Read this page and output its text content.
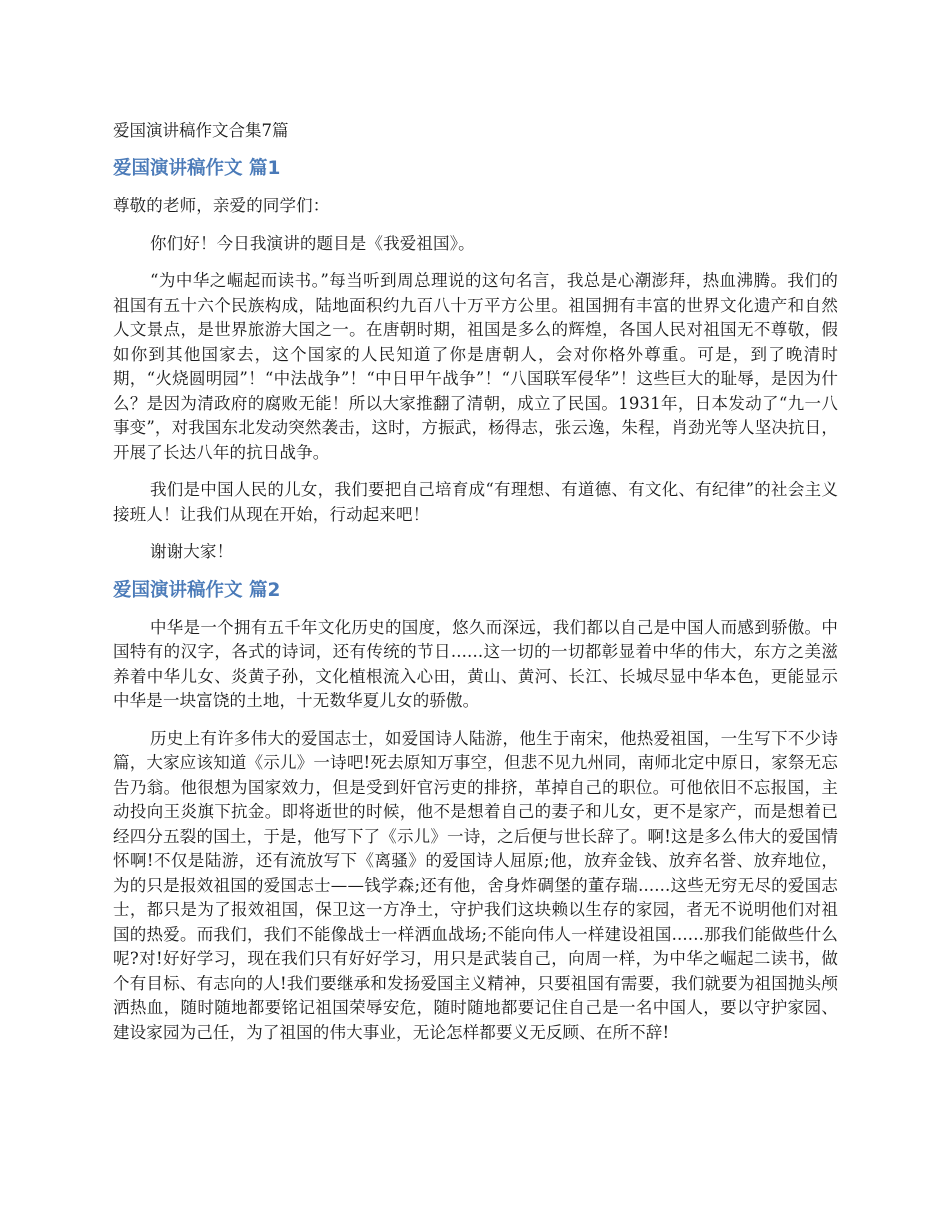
爱国演讲稿作文合集7篇
爱国演讲稿作文 篇1

尊敬的老师，亲爱的同学们：

你们好！今日我演讲的题目是《我爱祖国》。

“为中华之崛起而读书。”每当听到周总理说的这句名言，我总是心潮澎拜，热血沸腾。我们的祖国有五十六个民族构成，陆地面积约九百八十万平方公里。祖国拥有丰富的世界文化遗产和自然人文景点，是世界旅游大国之一。在唐朝时期，祖国是多么的辉煌，各国人民对祖国无不尊敬，假如你到其他国家去，这个国家的人民知道了你是唐朝人，会对你格外尊重。可是，到了晚清时期，“火烧圆明园”！“中法战争”！“中日甲午战争”！“八国联军侵华”！这些巨大的耻辱，是因为什么？是因为清政府的腐败无能！所以大家推翻了清朝，成立了民国。1931年，日本发动了“九一八事变”，对我国东北发动突然袭击，这时，方振武，杨得志，张云逸，朱程，肖劲光等人坚决抗日，开展了长达八年的抗日战争。

我们是中国人民的儿女，我们要把自己培育成“有理想、有道德、有文化、有纪律”的社会主义接班人！让我们从现在开始，行动起来吧！

谢谢大家！

爱国演讲稿作文 篇2

中华是一个拥有五千年文化历史的国度，悠久而深远，我们都以自己是中国人而感到骄傲。中国特有的汉字，各式的诗词，还有传统的节日......这一切的一切都彰显着中华的伟大，东方之美滋养着中华儿女、炎黄子孙，文化植根流入心田，黄山、黄河、长江、长城尽显中华本色，更能显示中华是一块富饶的土地，十无数华夏儿女的骄傲。

历史上有许多伟大的爱国志士，如爱国诗人陆游，他生于南宋，他热爱祖国，一生写下不少诗篇，大家应该知道《示儿》一诗吧!死去原知万事空，但悲不见九州同，南师北定中原日，家祭无忘告乃翁。他很想为国家效力，但是受到奸官污吏的排挤，革掉自己的职位。可他依旧不忘报国，主动投向王炎旗下抗金。即将逝世的时候，他不是想着自己的妻子和儿女，更不是家产，而是想着已经四分五裂的国土，于是，他写下了《示儿》一诗，之后便与世长辞了。啊!这是多么伟大的爱国情怀啊!不仅是陆游，还有流放写下《离骚》的爱国诗人屈原;他，放弃金钱、放弃名誉、放弃地位，为的只是报效祖国的爱国志士——钱学森;还有他，舍身炸碉堡的董存瑞......这些无穷无尽的爱国志士，都只是为了报效祖国，保卫这一方净土，守护我们这块赖以生存的家园，者无不说明他们对祖国的热爱。而我们，我们不能像战士一样洒血战场;不能向伟人一样建设祖国......那我们能做些什么呢?对!好好学习，现在我们只有好好学习，用只是武装自己，向周一样，为中华之崛起二读书，做个有目标、有志向的人!我们要继承和发扬爱国主义精神，只要祖国有需要，我们就要为祖国抛头颅洒热血，随时随地都要铭记祖国荣辱安危，随时随地都要记住自己是一名中国人，要以守护家园、建设家园为己任，为了祖国的伟大事业，无论怎样都要义无反顾、在所不辞!
